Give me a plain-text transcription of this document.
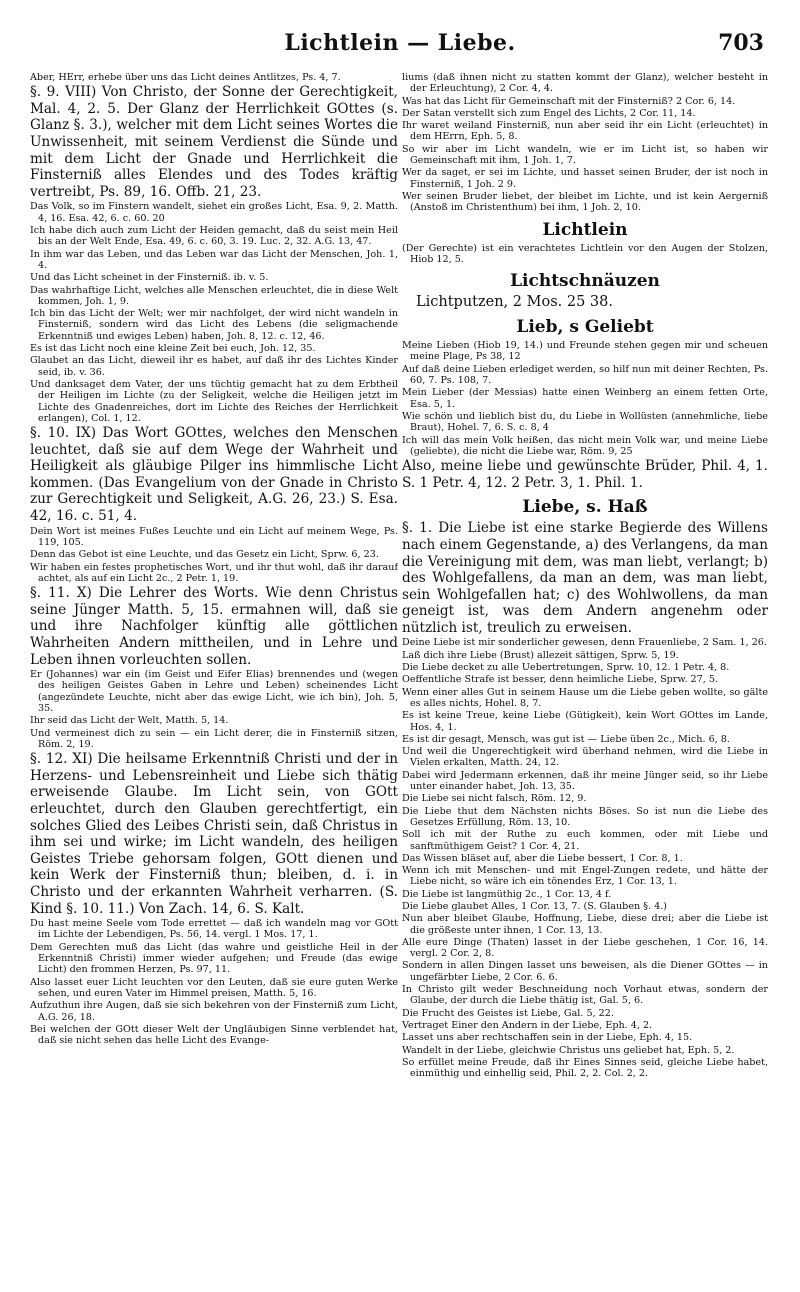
Lichtlein — Liebe.	703
Aber, HErr, erhebe über uns das Licht deines Antlitzes, Ps. 4, 7.
§. 9. VIII) Von Christo, der Sonne der Gerechtigkeit, Mal. 4, 2. 5. Der Glanz der Herrlichkeit GOttes (s. Glanz §. 3.), welcher mit dem Licht seines Wortes die Unwissenheit, mit seinem Verdienst die Sünde und mit dem Licht der Gnade und Herrlichkeit die Finsterniß alles Elendes und des Todes kräftig vertreibt, Ps. 89, 16. Offb. 21, 23.
Das Volk, so im Finstern wandelt, siehet ein großes Licht, Esa. 9, 2. Matth. 4, 16. Esa. 42, 6. c. 60. 20
Ich habe dich auch zum Licht der Heiden gemacht, daß du seist mein Heil bis an der Welt Ende, Esa. 49, 6. c. 60, 3. 19. Luc. 2, 32. A.G. 13, 47.
In ihm war das Leben, und das Leben war das Licht der Menschen, Joh. 1, 4.
Und das Licht scheinet in der Finsterniß. ib. v. 5.
Das wahrhaftige Licht, welches alle Menschen erleuchtet, die in diese Welt kommen, Joh. 1, 9.
Ich bin das Licht der Welt; wer mir nachfolget, der wird nicht wandeln in Finsterniß, sondern wird das Licht des Lebens (die seligmachende Erkenntniß und ewiges Leben) haben, Joh. 8, 12. c. 12, 46.
Es ist das Licht noch eine kleine Zeit bei euch, Joh. 12, 35.
Glaubet an das Licht, dieweil ihr es habet, auf daß ihr des Lichtes Kinder seid, ib. v. 36.
Und danksaget dem Vater, der uns tüchtig gemacht hat zu dem Erbtheil der Heiligen im Lichte (zu der Seligkeit, welche die Heiligen jetzt im Lichte des Gnadenreiches, dort im Lichte des Reiches der Herrlichkeit erlangen), Col. 1, 12.
§. 10. IX) Das Wort GOttes, welches den Menschen leuchtet, daß sie auf dem Wege der Wahrheit und Heiligkeit als gläubige Pilger ins himmlische Licht kommen. (Das Evangelium von der Gnade in Christo zur Gerechtigkeit und Seligkeit, A.G. 26, 23.) S. Esa. 42, 16. c. 51, 4.
Dein Wort ist meines Fußes Leuchte und ein Licht auf meinem Wege, Ps. 119, 105.
Denn das Gebot ist eine Leuchte, und das Gesetz ein Licht, Sprw. 6, 23.
Wir haben ein festes prophetisches Wort, und ihr thut wohl, daß ihr darauf achtet, als auf ein Licht 2c., 2 Petr. 1, 19.
§. 11. X) Die Lehrer des Worts. Wie denn Christus seine Jünger Matth. 5, 15. ermahnen will, daß sie und ihre Nachfolger künftig alle göttlichen Wahrheiten Andern mittheilen, und in Lehre und Leben ihnen vorleuchten sollen.
Er (Johannes) war ein (im Geist und Eifer Elias) brennendes und (wegen des heiligen Geistes Gaben in Lehre und Leben) scheinendes Licht (angezündete Leuchte, nicht aber das ewige Licht, wie ich bin), Joh. 5, 35.
Ihr seid das Licht der Welt, Matth. 5, 14.
Und vermeinest dich zu sein — ein Licht derer, die in Finsterniß sitzen, Röm. 2, 19.
§. 12. XI) Die heilsame Erkenntniß Christi und der in Herzens- und Lebensreinheit und Liebe sich thätig erweisende Glaube. Im Licht sein, von GOtt erleuchtet, durch den Glauben gerechtfertigt, ein solches Glied des Leibes Christi sein, daß Christus in ihm sei und wirke; im Licht wandeln, des heiligen Geistes Triebe gehorsam folgen, GOtt dienen und kein Werk der Finsterniß thun; bleiben, d. i. in Christo und der erkannten Wahrheit verharren. (S. Kind §. 10. 11.) Von Zach. 14, 6. S. Kalt.
Du hast meine Seele vom Tode errettet — daß ich wandeln mag vor GOtt im Lichte der Lebendigen, Ps. 56, 14. vergl. 1 Mos. 17, 1.
Dem Gerechten muß das Licht (das wahre und geistliche Heil in der Erkenntniß Christi) immer wieder aufgehen; und Freude (das ewige Licht) den frommen Herzen, Ps. 97, 11.
Also lasset euer Licht leuchten vor den Leuten, daß sie eure guten Werke sehen, und euren Vater im Himmel preisen, Matth. 5, 16.
Aufzuthun ihre Augen, daß sie sich bekehren von der Finsterniß zum Licht, A.G. 26, 18.
Bei welchen der GOtt dieser Welt der Ungläubigen Sinne verblendet hat, daß sie nicht sehen das helle Licht des Evange-
liums (daß ihnen nicht zu statten kommt der Glanz), welcher besteht in der Erleuchtung), 2 Cor. 4, 4.
Was hat das Licht für Gemeinschaft mit der Finsterniß? 2 Cor. 6, 14.
Der Satan verstellt sich zum Engel des Lichts, 2 Cor. 11, 14.
Ihr waret weiland Finsterniß, nun aber seid ihr ein Licht (erleuchtet) in dem HErrn, Eph. 5, 8.
So wir aber im Licht wandeln, wie er im Licht ist, so haben wir Gemeinschaft mit ihm, 1 Joh. 1, 7.
Wer da saget, er sei im Lichte, und hasset seinen Bruder, der ist noch in Finsterniß, 1 Joh. 2 9.
Wer seinen Bruder liebet, der bleibet im Lichte, und ist kein Aergerniß (Anstoß im Christenthum) bei ihm, 1 Joh. 2, 10.
Lichtlein
(Der Gerechte) ist ein verachtetes Lichtlein vor den Augen der Stolzen, Hiob 12, 5.
Lichtschnäuzen
Lichtputzen, 2 Mos. 25 38.
Lieb, s Geliebt
Meine Lieben (Hiob 19, 14.) und Freunde stehen gegen mir und scheuen meine Plage, Ps 38, 12
Auf daß deine Lieben erlediget werden, so hilf nun mit deiner Rechten, Ps. 60, 7. Ps. 108, 7.
Mein Lieber (der Messias) hatte einen Weinberg an einem fetten Orte, Esa. 5, 1.
Wie schön und lieblich bist du, du Liebe in Wollüsten (annehmliche, liebe Braut), Hohel. 7, 6. S. c. 8, 4
Ich will das mein Volk heißen, das nicht mein Volk war, und meine Liebe (geliebte), die nicht die Liebe war, Röm. 9, 25
Also, meine liebe und gewünschte Brüder, Phil. 4, 1. S. 1 Petr. 4, 12. 2 Petr. 3, 1. Phil. 1.
Liebe, s. Haß
§. 1. Die Liebe ist eine starke Begierde des Willens nach einem Gegenstande, a) des Verlangens, da man die Vereinigung mit dem, was man liebt, verlangt; b) des Wohlgefallens, da man an dem, was man liebt, sein Wohlgefallen hat; c) des Wohlwollens, da man geneigt ist, was dem Andern angenehm oder nützlich ist, treulich zu erweisen.
Deine Liebe ist mir sonderlicher gewesen, denn Frauenliebe, 2 Sam. 1, 26.
Laß dich ihre Liebe (Brust) allezeit sättigen, Sprw. 5, 19.
Die Liebe decket zu alle Uebertretungen, Sprw. 10, 12. 1 Petr. 4, 8.
Oeffentliche Strafe ist besser, denn heimliche Liebe, Sprw. 27, 5.
Wenn einer alles Gut in seinem Hause um die Liebe geben wollte, so gälte es alles nichts, Hohel. 8, 7.
Es ist keine Treue, keine Liebe (Gütigkeit), kein Wort GOttes im Lande, Hos. 4, 1.
Es ist dir gesagt, Mensch, was gut ist — Liebe üben 2c., Mich. 6, 8.
Und weil die Ungerechtigkeit wird überhand nehmen, wird die Liebe in Vielen erkalten, Matth. 24, 12.
Dabei wird Jedermann erkennen, daß ihr meine Jünger seid, so ihr Liebe unter einander habet, Joh. 13, 35.
Die Liebe sei nicht falsch, Röm. 12, 9.
Die Liebe thut dem Nächsten nichts Böses. So ist nun die Liebe des Gesetzes Erfüllung, Röm. 13, 10.
Soll ich mit der Ruthe zu euch kommen, oder mit Liebe und sanftmüthigem Geist? 1 Cor. 4, 21.
Das Wissen bläset auf, aber die Liebe bessert, 1 Cor. 8, 1.
Wenn ich mit Menschen- und mit Engel-Zungen redete, und hätte der Liebe nicht, so wäre ich ein tönendes Erz, 1 Cor. 13, 1.
Die Liebe ist langmüthig 2c., 1 Cor. 13, 4 f.
Die Liebe glaubet Alles, 1 Cor. 13, 7. (S. Glauben §. 4.)
Nun aber bleibet Glaube, Hoffnung, Liebe, diese drei; aber die Liebe ist die größeste unter ihnen, 1 Cor. 13, 13.
Alle eure Dinge (Thaten) lasset in der Liebe geschehen, 1 Cor. 16, 14. vergl. 2 Cor. 2, 8.
Sondern in allen Dingen lasset uns beweisen, als die Diener GOttes — in ungefärbter Liebe, 2 Cor. 6. 6.
In Christo gilt weder Beschneidung noch Vorhaut etwas, sondern der Glaube, der durch die Liebe thätig ist, Gal. 5, 6.
Die Frucht des Geistes ist Liebe, Gal. 5, 22.
Vertraget Einer den Andern in der Liebe, Eph. 4, 2.
Lasset uns aber rechtschaffen sein in der Liebe, Eph. 4, 15.
Wandelt in der Liebe, gleichwie Christus uns geliebet hat, Eph. 5, 2.
So erfüllet meine Freude, daß ihr Eines Sinnes seid, gleiche Liebe habet, einmüthig und einhellig seid, Phil. 2, 2. Col. 2, 2.
